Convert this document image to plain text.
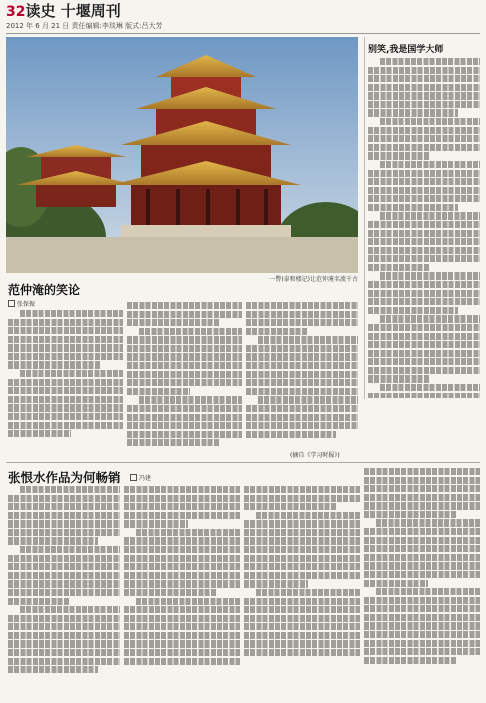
32读史 十堰周刊
2012 年 6 月 21 日 责任编辑:李琰琳 版式:吕大芳
一瞥(泰和楼记)让范仲淹名流千古
范仲淹的笑论
张保振
(摘自《学习时报》)
别笑,我是国学大师
张恨水作品为何畅销	冯建
